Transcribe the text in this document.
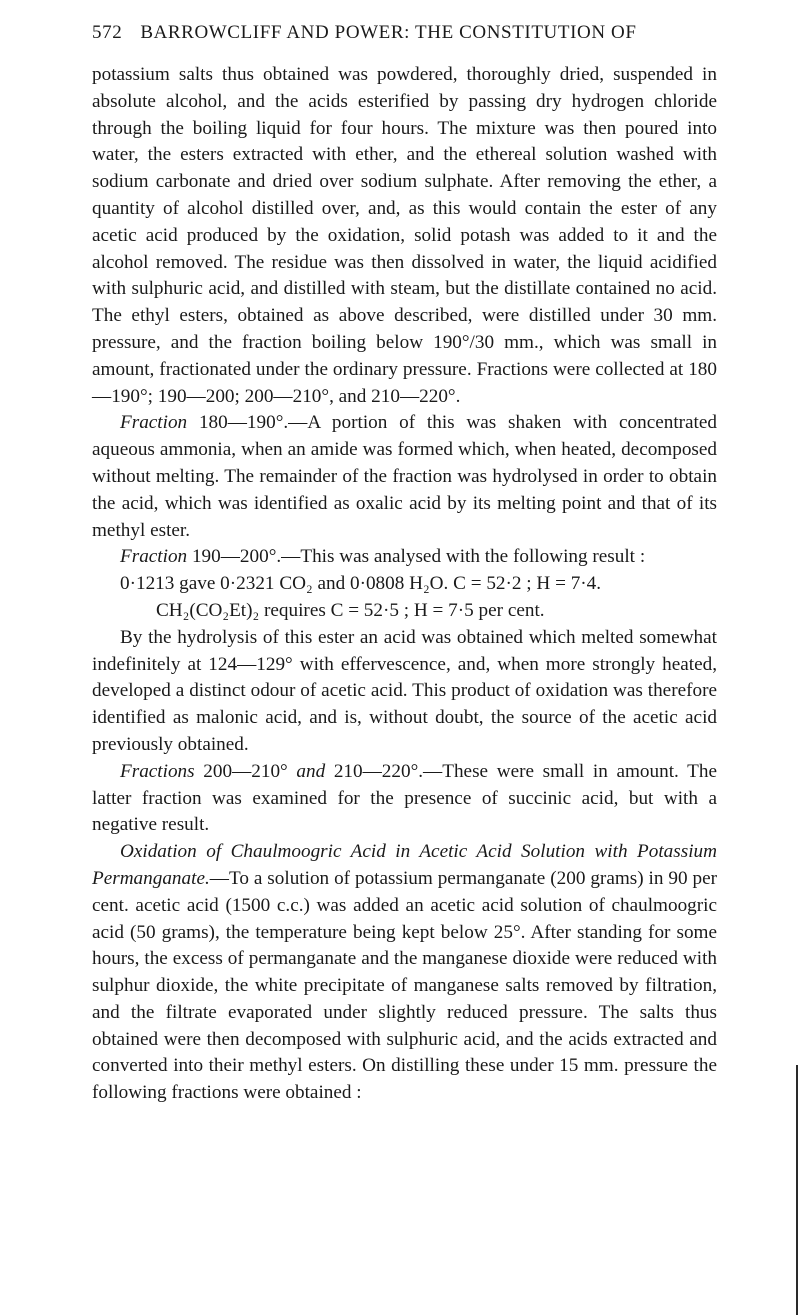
572 BARROWCLIFF AND POWER: THE CONSTITUTION OF

potassium salts thus obtained was powdered, thoroughly dried, suspended in absolute alcohol, and the acids esterified by passing dry hydrogen chloride through the boiling liquid for four hours. The mixture was then poured into water, the esters extracted with ether, and the ethereal solution washed with sodium carbonate and dried over sodium sulphate. After removing the ether, a quantity of alcohol distilled over, and, as this would contain the ester of any acetic acid produced by the oxidation, solid potash was added to it and the alcohol removed. The residue was then dissolved in water, the liquid acidified with sulphuric acid, and distilled with steam, but the distillate contained no acid. The ethyl esters, obtained as above described, were distilled under 30 mm. pressure, and the fraction boiling below 190°/30 mm., which was small in amount, fractionated under the ordinary pressure. Fractions were collected at 180—190°; 190—200; 200—210°, and 210—220°.

Fraction 180—190°.—A portion of this was shaken with concentrated aqueous ammonia, when an amide was formed which, when heated, decomposed without melting. The remainder of the fraction was hydrolysed in order to obtain the acid, which was identified as oxalic acid by its melting point and that of its methyl ester.

Fraction 190—200°.—This was analysed with the following result :

0·1213 gave 0·2321 CO₂ and 0·0808 H₂O. C = 52·2 ; H = 7·4.

CH₂(CO₂Et)₂ requires C = 52·5 ; H = 7·5 per cent.

By the hydrolysis of this ester an acid was obtained which melted somewhat indefinitely at 124—129° with effervescence, and, when more strongly heated, developed a distinct odour of acetic acid. This product of oxidation was therefore identified as malonic acid, and is, without doubt, the source of the acetic acid previously obtained.

Fractions 200—210° and 210—220°.—These were small in amount. The latter fraction was examined for the presence of succinic acid, but with a negative result.

Oxidation of Chaulmoogric Acid in Acetic Acid Solution with Potassium Permanganate.—To a solution of potassium permanganate (200 grams) in 90 per cent. acetic acid (1500 c.c.) was added an acetic acid solution of chaulmoogric acid (50 grams), the temperature being kept below 25°. After standing for some hours, the excess of permanganate and the manganese dioxide were reduced with sulphur dioxide, the white precipitate of manganese salts removed by filtration, and the filtrate evaporated under slightly reduced pressure. The salts thus obtained were then decomposed with sulphuric acid, and the acids extracted and converted into their methyl esters. On distilling these under 15 mm. pressure the following fractions were obtained :
